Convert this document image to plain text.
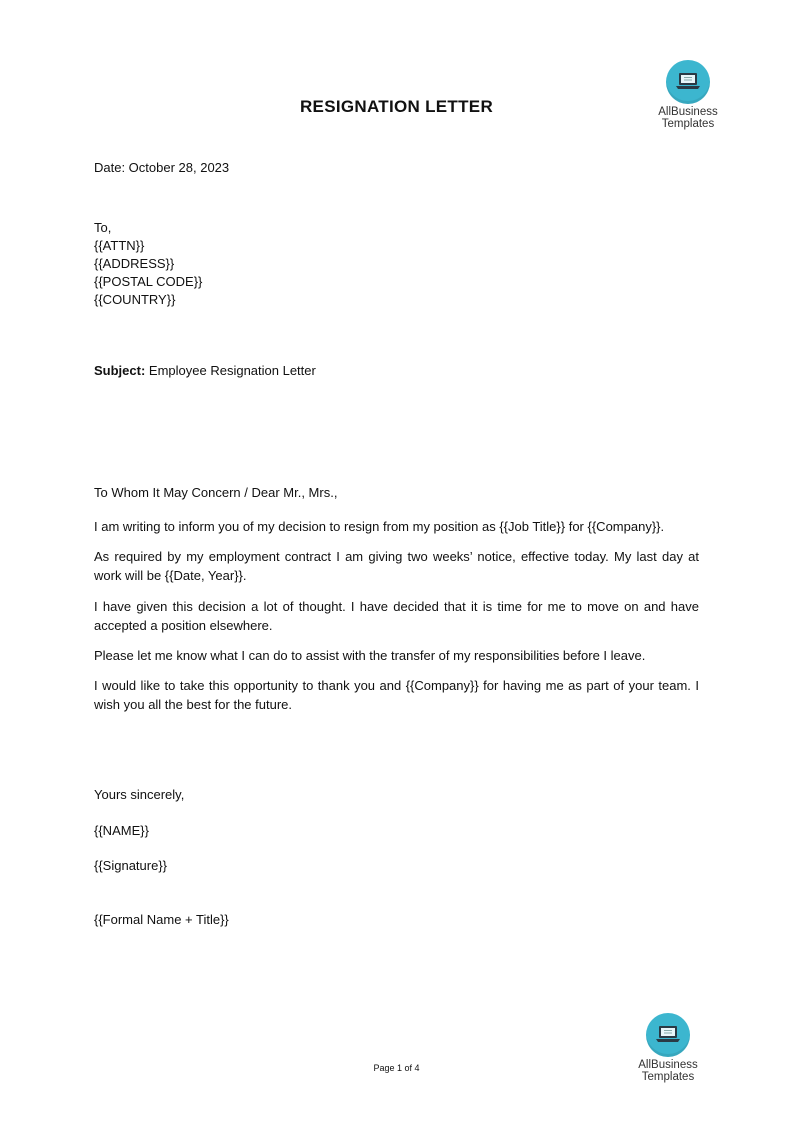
RESIGNATION LETTER	AllBusiness
Templates

Date: October 28, 2023

To,

{{ATTN}}

{{ADDRESS}}

{{POSTAL CODE}}

{{COUNTRY}}

Subject: Employee Resignation Letter

To Whom It May Concern / Dear Mr., Mrs.,

I am writing to inform you of my decision to resign from my position as {{Job Title}} for {{Company}}.

As required by my employment contract I am giving two weeks’ notice, effective today. My last day at work will be {{Date, Year}}.

I have given this decision a lot of thought. I have decided that it is time for me to move on and have accepted a position elsewhere.

Please let me know what I can do to assist with the transfer of my responsibilities before I leave.

I would like to take this opportunity to thank you and {{Company}} for having me as part of your team. I wish you all the best for the future.

Yours sincerely,

{{NAME}}

{{Signature}}

{{Formal Name + Title}}

AllBusiness
Templates
Page 1 of 4
